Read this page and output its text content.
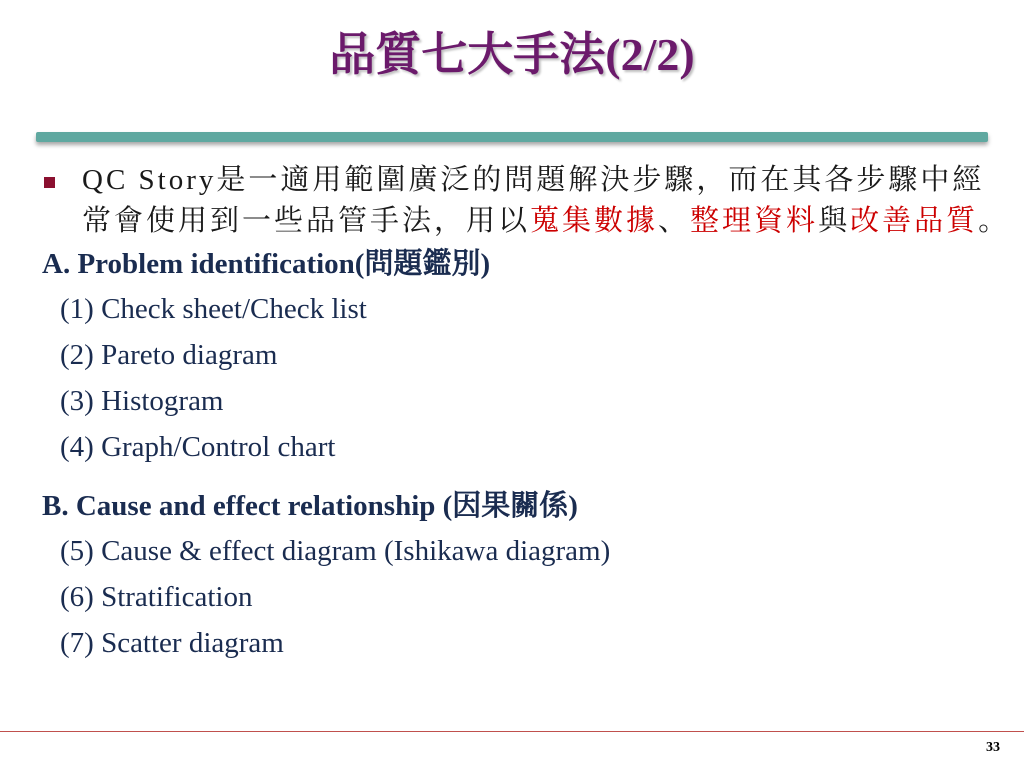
品質七大手法(2/2)
QC Story是一適用範圍廣泛的問題解決步驟，而在其各步驟中經常會使用到一些品管手法，用以蒐集數據、整理資料與改善品質。
A. Problem identification(問題鑑別)
(1) Check sheet/Check list
(2) Pareto diagram
(3) Histogram
(4) Graph/Control chart
B. Cause and effect relationship (因果關係)
(5) Cause & effect diagram (Ishikawa diagram)
(6) Stratification
(7) Scatter diagram
33
